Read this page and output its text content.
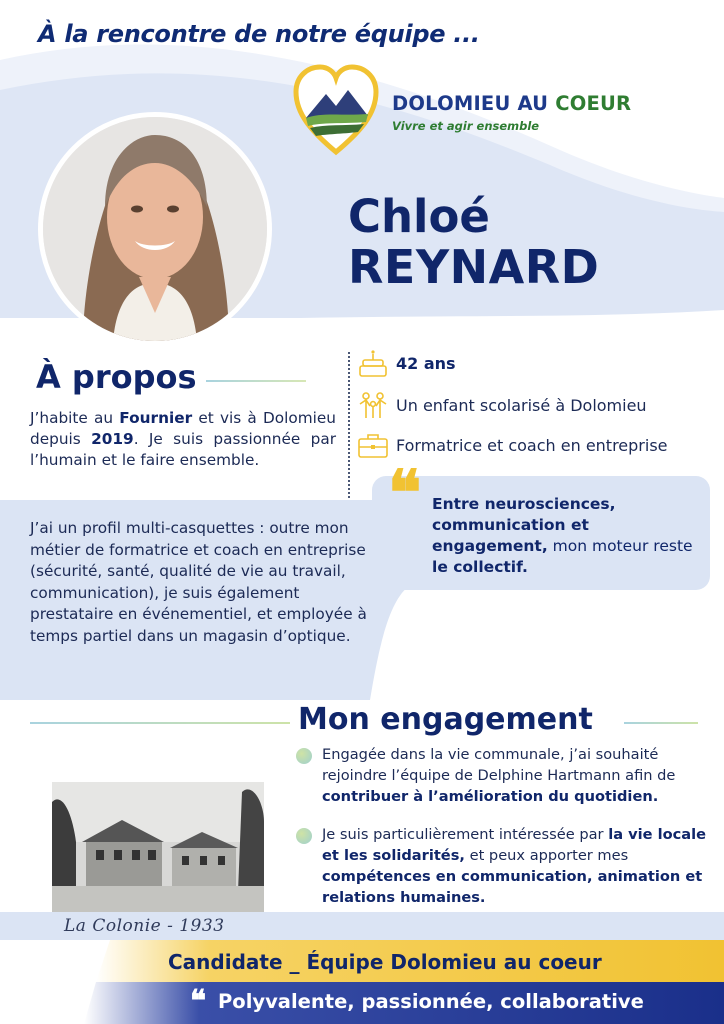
À la rencontre de notre équipe ...
DOLOMIEU AU COEUR
Vivre et agir ensemble
Chloé
REYNARD
À propos
J’habite au Fournier et vis à Dolomieu depuis 2019. Je suis passionnée par l’humain et le faire ensemble.
42 ans
Un enfant scolarisé à Dolomieu
Formatrice et coach en entreprise
❝ Entre neurosciences, communication et engagement, mon moteur reste le collectif.
J’ai un profil multi-casquettes : outre mon métier de formatrice et coach en entreprise (sécurité, santé, qualité de vie au travail, communication), je suis également prestataire en événementiel, et employée à temps partiel dans un magasin d’optique.
Mon engagement
Engagée dans la vie communale, j’ai souhaité rejoindre l’équipe de Delphine Hartmann afin de contribuer à l’amélioration du quotidien.
Je suis particulièrement intéressée par la vie locale et les solidarités, et peux apporter mes compétences en communication, animation et relations humaines.
La Colonie - 1933
Candidate _ Équipe Dolomieu au coeur
❝ Polyvalente, passionnée, collaborative
